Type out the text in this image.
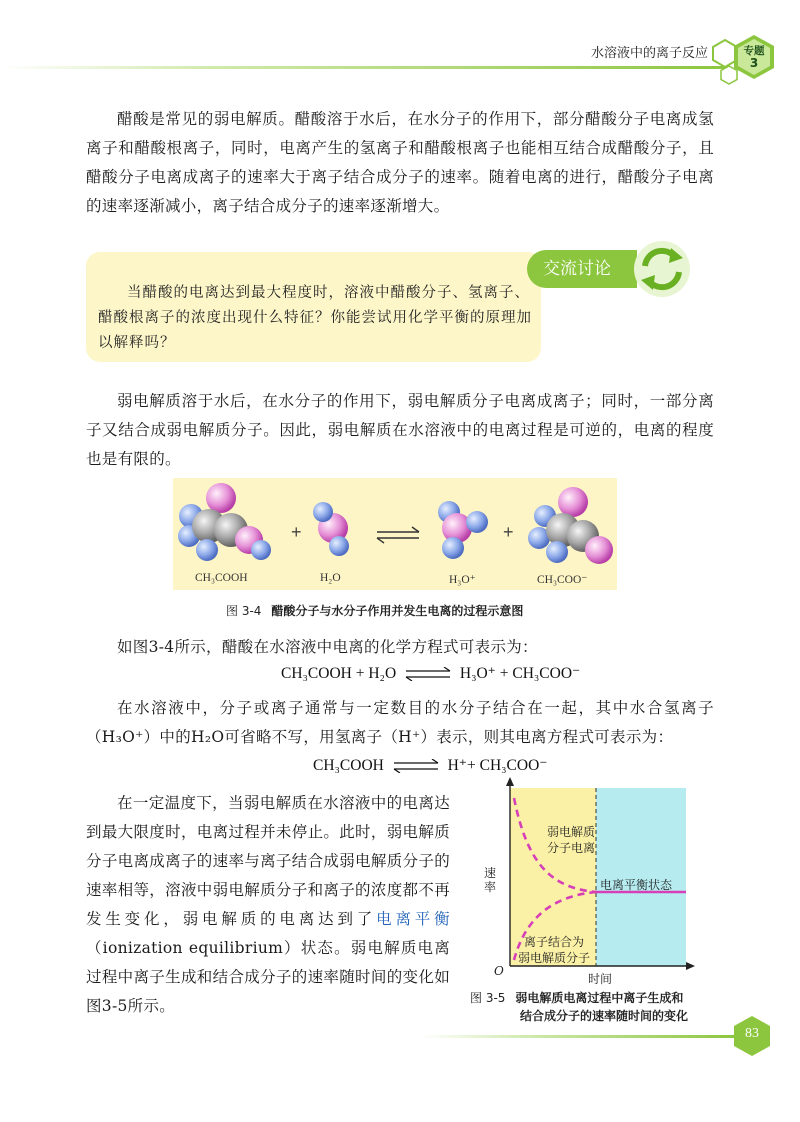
水溶液中的离子反应	专题
3

醋酸是常见的弱电解质。醋酸溶于水后，在水分子的作用下，部分醋酸分子电离成氢离子和醋酸根离子，同时，电离产生的氢离子和醋酸根离子也能相互结合成醋酸分子，且醋酸分子电离成离子的速率大于离子结合成分子的速率。随着电离的进行，醋酸分子电离的速率逐渐减小，离子结合成分子的速率逐渐增大。

交流讨论
当醋酸的电离达到最大程度时，溶液中醋酸分子、氢离子、醋酸根离子的浓度出现什么特征？你能尝试用化学平衡的原理加以解释吗？

弱电解质溶于水后，在水分子的作用下，弱电解质分子电离成离子；同时，一部分离子又结合成弱电解质分子。因此，弱电解质在水溶液中的电离过程是可逆的，电离的程度也是有限的。

+	+
CH₃COOH	H₂O	H₃O⁺	CH₃COO⁻
图 3-4 醋酸分子与水分子作用并发生电离的过程示意图

如图3-4所示，醋酸在水溶液中电离的化学方程式可表示为：

CH₃COOH + H₂O ⇌ H₃O⁺ + CH₃COO⁻

在水溶液中，分子或离子通常与一定数目的水分子结合在一起，其中水合氢离子（H₃O⁺）中的H₂O可省略不写，用氢离子（H⁺）表示，则其电离方程式可表示为：

CH₃COOH ⇌ H⁺+ CH₃COO⁻

在一定温度下，当弱电解质在水溶液中的电离达到最大限度时，电离过程并未停止。此时，弱电解质分子电离成离子的速率与离子结合成弱电解质分子的速率相等，溶液中弱电解质分子和离子的浓度都不再发生变化，弱电解质的电离达到了电离平衡（ionization equilibrium）状态。弱电解质电离过程中离子生成和结合成分子的速率随时间的变化如图3-5所示。

弱电解质
分子电离
电离平衡状态
离子结合为
弱电解质分子
速率
O
时间
图 3-5 弱电解质电离过程中离子生成和
结合成分子的速率随时间的变化
83
